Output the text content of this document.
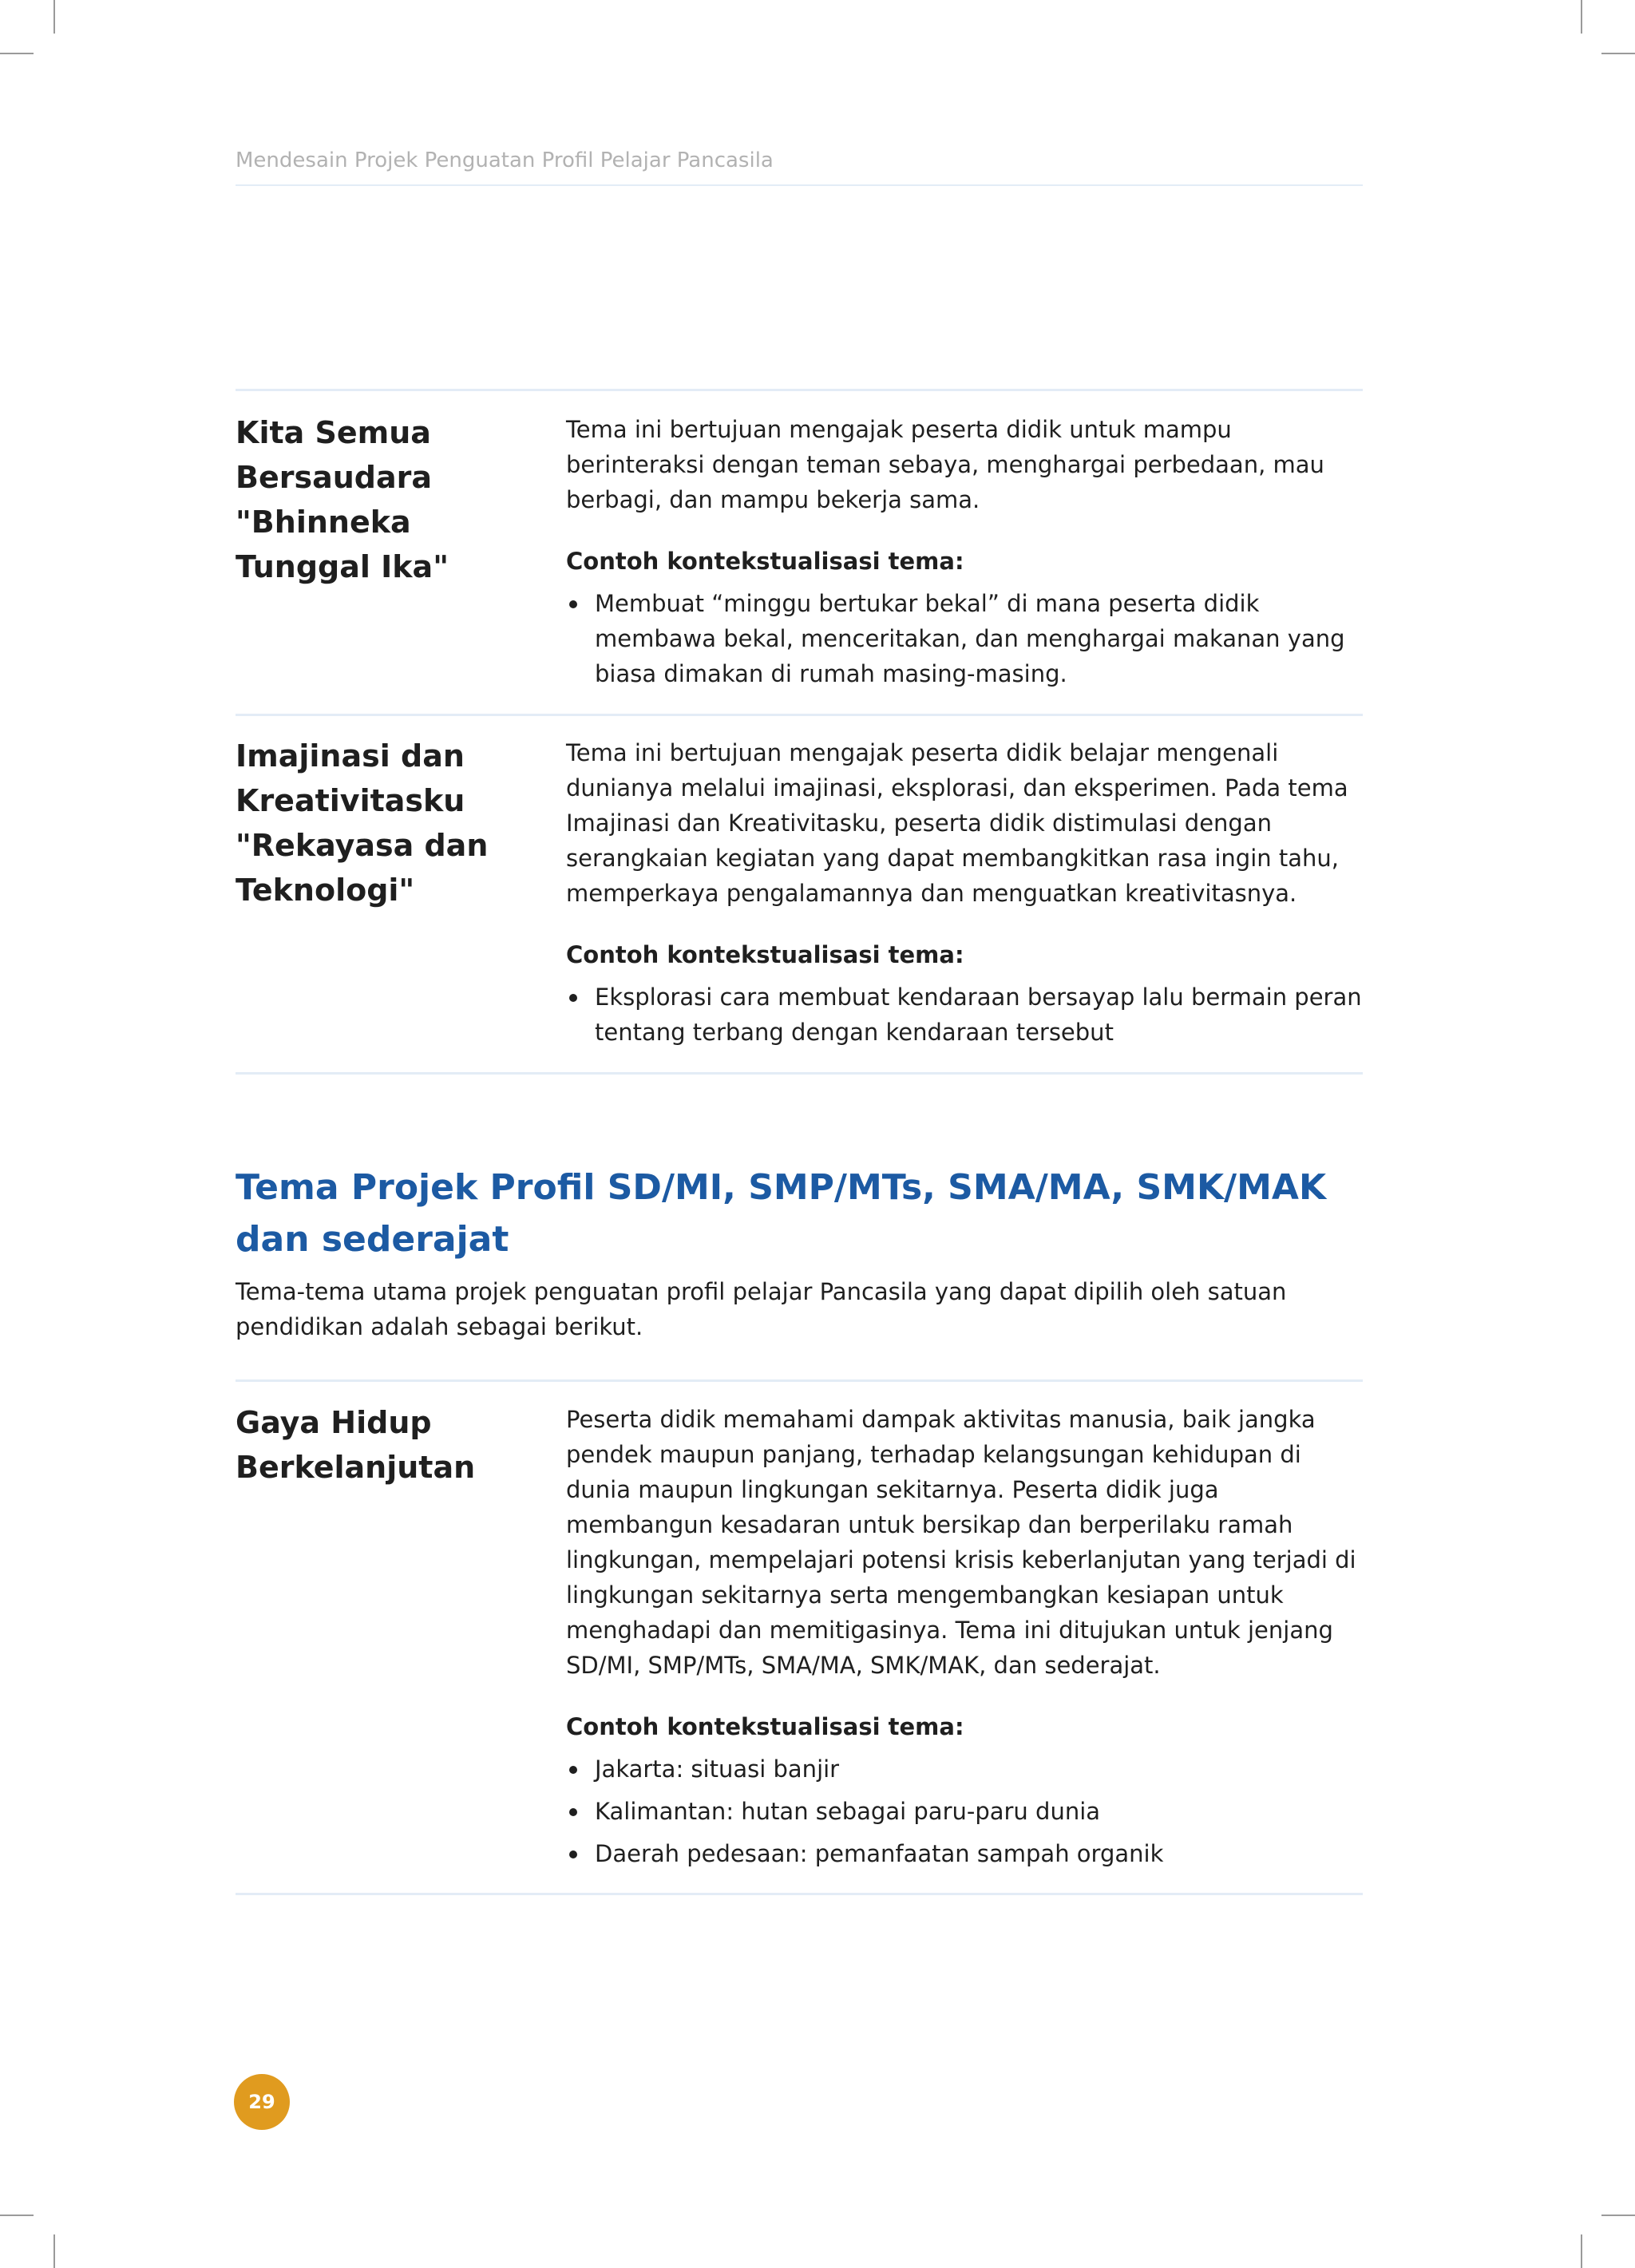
Mendesain Projek Penguatan Profil Pelajar Pancasila

Kita Semua
Bersaudara
"Bhinneka
Tunggal Ika"

Tema ini bertujuan mengajak peserta didik untuk mampu berinteraksi dengan teman sebaya, menghargai perbedaan, mau berbagi, dan mampu bekerja sama.

Contoh kontekstualisasi tema:

Membuat “minggu bertukar bekal” di mana peserta didik membawa bekal, menceritakan, dan menghargai makanan yang biasa dimakan di rumah masing-masing.
Imajinasi dan
Kreativitasku
"Rekayasa dan
Teknologi"

Tema ini bertujuan mengajak peserta didik belajar mengenali dunianya melalui imajinasi, eksplorasi, dan eksperimen. Pada tema Imajinasi dan Kreativitasku, peserta didik distimulasi dengan serangkaian kegiatan yang dapat membangkitkan rasa ingin tahu, memperkaya pengalamannya dan menguatkan kreativitasnya.

Contoh kontekstualisasi tema:

Eksplorasi cara membuat kendaraan bersayap lalu bermain peran tentang terbang dengan kendaraan tersebut
Tema Projek Profil SD/MI, SMP/MTs, SMA/MA, SMK/MAK dan sederajat

Tema-tema utama projek penguatan profil pelajar Pancasila yang dapat dipilih oleh satuan pendidikan adalah sebagai berikut.

Gaya Hidup
Berkelanjutan

Peserta didik memahami dampak aktivitas manusia, baik jangka pendek maupun panjang, terhadap kelangsungan kehidupan di dunia maupun lingkungan sekitarnya. Peserta didik juga membangun kesadaran untuk bersikap dan berperilaku ramah lingkungan, mempelajari potensi krisis keberlanjutan yang terjadi di lingkungan sekitarnya serta mengembangkan kesiapan untuk menghadapi dan memitigasinya. Tema ini ditujukan untuk jenjang SD/MI, SMP/MTs, SMA/MA, SMK/MAK, dan sederajat.

Contoh kontekstualisasi tema:

Jakarta: situasi banjir
Kalimantan: hutan sebagai paru-paru dunia
Daerah pedesaan: pemanfaatan sampah organik
29
